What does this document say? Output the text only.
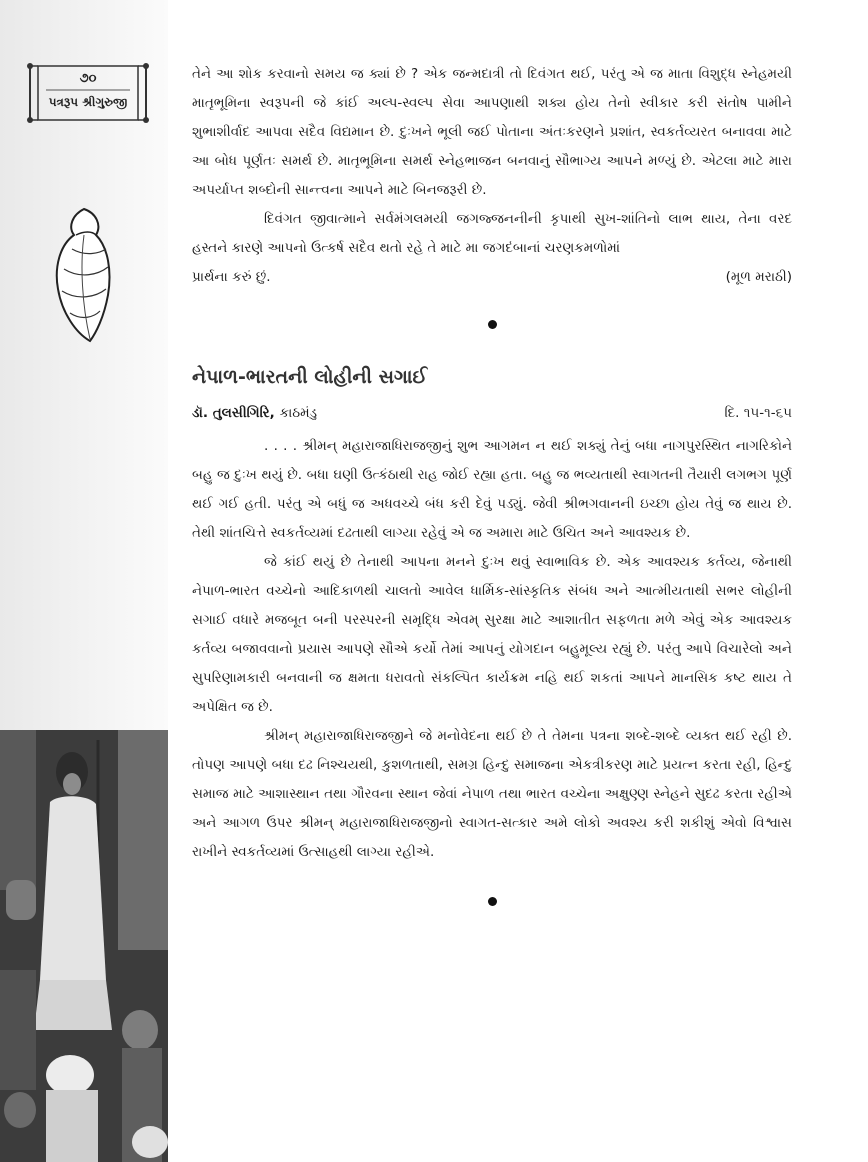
૭૦
પત્રરૂપ શ્રીગુરુજી

તેને આ શોક કરવાનો સમય જ ક્યાં છે ? એક જન્મદાત્રી તો દિવંગત થઈ, પરંતુ એ જ માતા વિશુદ્ધ સ્નેહમયી માતૃભૂમિના સ્વરૂપની જે કાંઈ અલ્પ-સ્વલ્પ સેવા આપણાથી શક્ય હોય તેનો સ્વીકાર કરી સંતોષ પામીને શુભાશીર્વાદ આપવા સદૈવ વિદ્યમાન છે. દુઃખને ભૂલી જઈ પોતાના અંતઃકરણને પ્રશાંત, સ્વકર્તવ્યરત બનાવવા માટે આ બોધ પૂર્ણતઃ સમર્થ છે. માતૃભૂમિના સમર્થ સ્નેહભાજન બનવાનું સૌભાગ્ય આપને મળ્યું છે. એટલા માટે મારા અપર્યાપ્ત શબ્દોની સાન્ત્વના આપને માટે બિનજરૂરી છે.

દિવંગત જીવાત્માને સર્વમંગલમયી જગજ્જનનીની કૃપાથી સુખ-શાંતિનો લાભ થાય, તેના વરદ હસ્તને કારણે આપનો ઉત્કર્ષ સદૈવ થતો રહે તે માટે મા જગદંબાનાં ચરણકમળોમાં

પ્રાર્થના કરું છું.	(મૂળ મરાઠી)
નેપાળ-ભારતની લોહીની સગાઈ
ડૉ. તુલસીગિરિ, કાઠમંડુ	દિ. ૧૫-૧-૬૫

. . . . શ્રીમન્ મહારાજાધિરાજજીનું શુભ આગમન ન થઈ શક્યું તેનું બધા નાગપુરસ્થિત નાગરિકોને બહુ જ દુઃખ થયું છે. બધા ઘણી ઉત્કંઠાથી રાહ જોઈ રહ્યા હતા. બહુ જ ભવ્યતાથી સ્વાગતની તૈયારી લગભગ પૂર્ણ થઈ ગઈ હતી. પરંતુ એ બધું જ અધવચ્ચે બંધ કરી દેવું પડ્યું. જેવી શ્રીભગવાનની ઇચ્છા હોય તેવું જ થાય છે. તેથી શાંતચિત્તે સ્વકર્તવ્યમાં દઢતાથી લાગ્યા રહેવું એ જ અમારા માટે ઉચિત અને આવશ્યક છે.

જે કાંઈ થયું છે તેનાથી આપના મનને દુઃખ થવું સ્વાભાવિક છે. એક આવશ્યક કર્તવ્ય, જેનાથી નેપાળ-ભારત વચ્ચેનો આદિકાળથી ચાલતો આવેલ ધાર્મિક-સાંસ્કૃતિક સંબંધ અને આત્મીયતાથી સભર લોહીની સગાઈ વધારે મજબૂત બની પરસ્પરની સમૃદ્ધિ એવમ્ સુરક્ષા માટે આશાતીત સફળતા મળે એવું એક આવશ્યક કર્તવ્ય બજાવવાનો પ્રયાસ આપણે સૌએ કર્યો તેમાં આપનું યોગદાન બહુમૂલ્ય રહ્યું છે. પરંતુ આપે વિચારેલો અને સુપરિણામકારી બનવાની જ ક્ષમતા ધરાવતો સંકલ્પિત કાર્યક્રમ નહિ થઈ શકતાં આપને માનસિક કષ્ટ થાય તે અપેક્ષિત જ છે.

શ્રીમન્ મહારાજાધિરાજજીને જે મનોવેદના થઈ છે તે તેમના પત્રના શબ્દે-શબ્દે વ્યક્ત થઈ રહી છે. તોપણ આપણે બધા દઢ નિશ્ચયથી, કુશળતાથી, સમગ્ર હિન્દુ સમાજના એકત્રીકરણ માટે પ્રયત્ન કરતા રહી, હિન્દુ સમાજ માટે આશાસ્થાન તથા ગૌરવના સ્થાન જેવાં નેપાળ તથા ભારત વચ્ચેના અક્ષુણ્ણ સ્નેહને સુદઢ કરતા રહીએ અને આગળ ઉપર શ્રીમન્ મહારાજાધિરાજજીનો સ્વાગત-સત્કાર અમે લોકો અવશ્ય કરી શકીશું એવો વિશ્વાસ રાખીને સ્વકર્તવ્યમાં ઉત્સાહથી લાગ્યા રહીએ.
